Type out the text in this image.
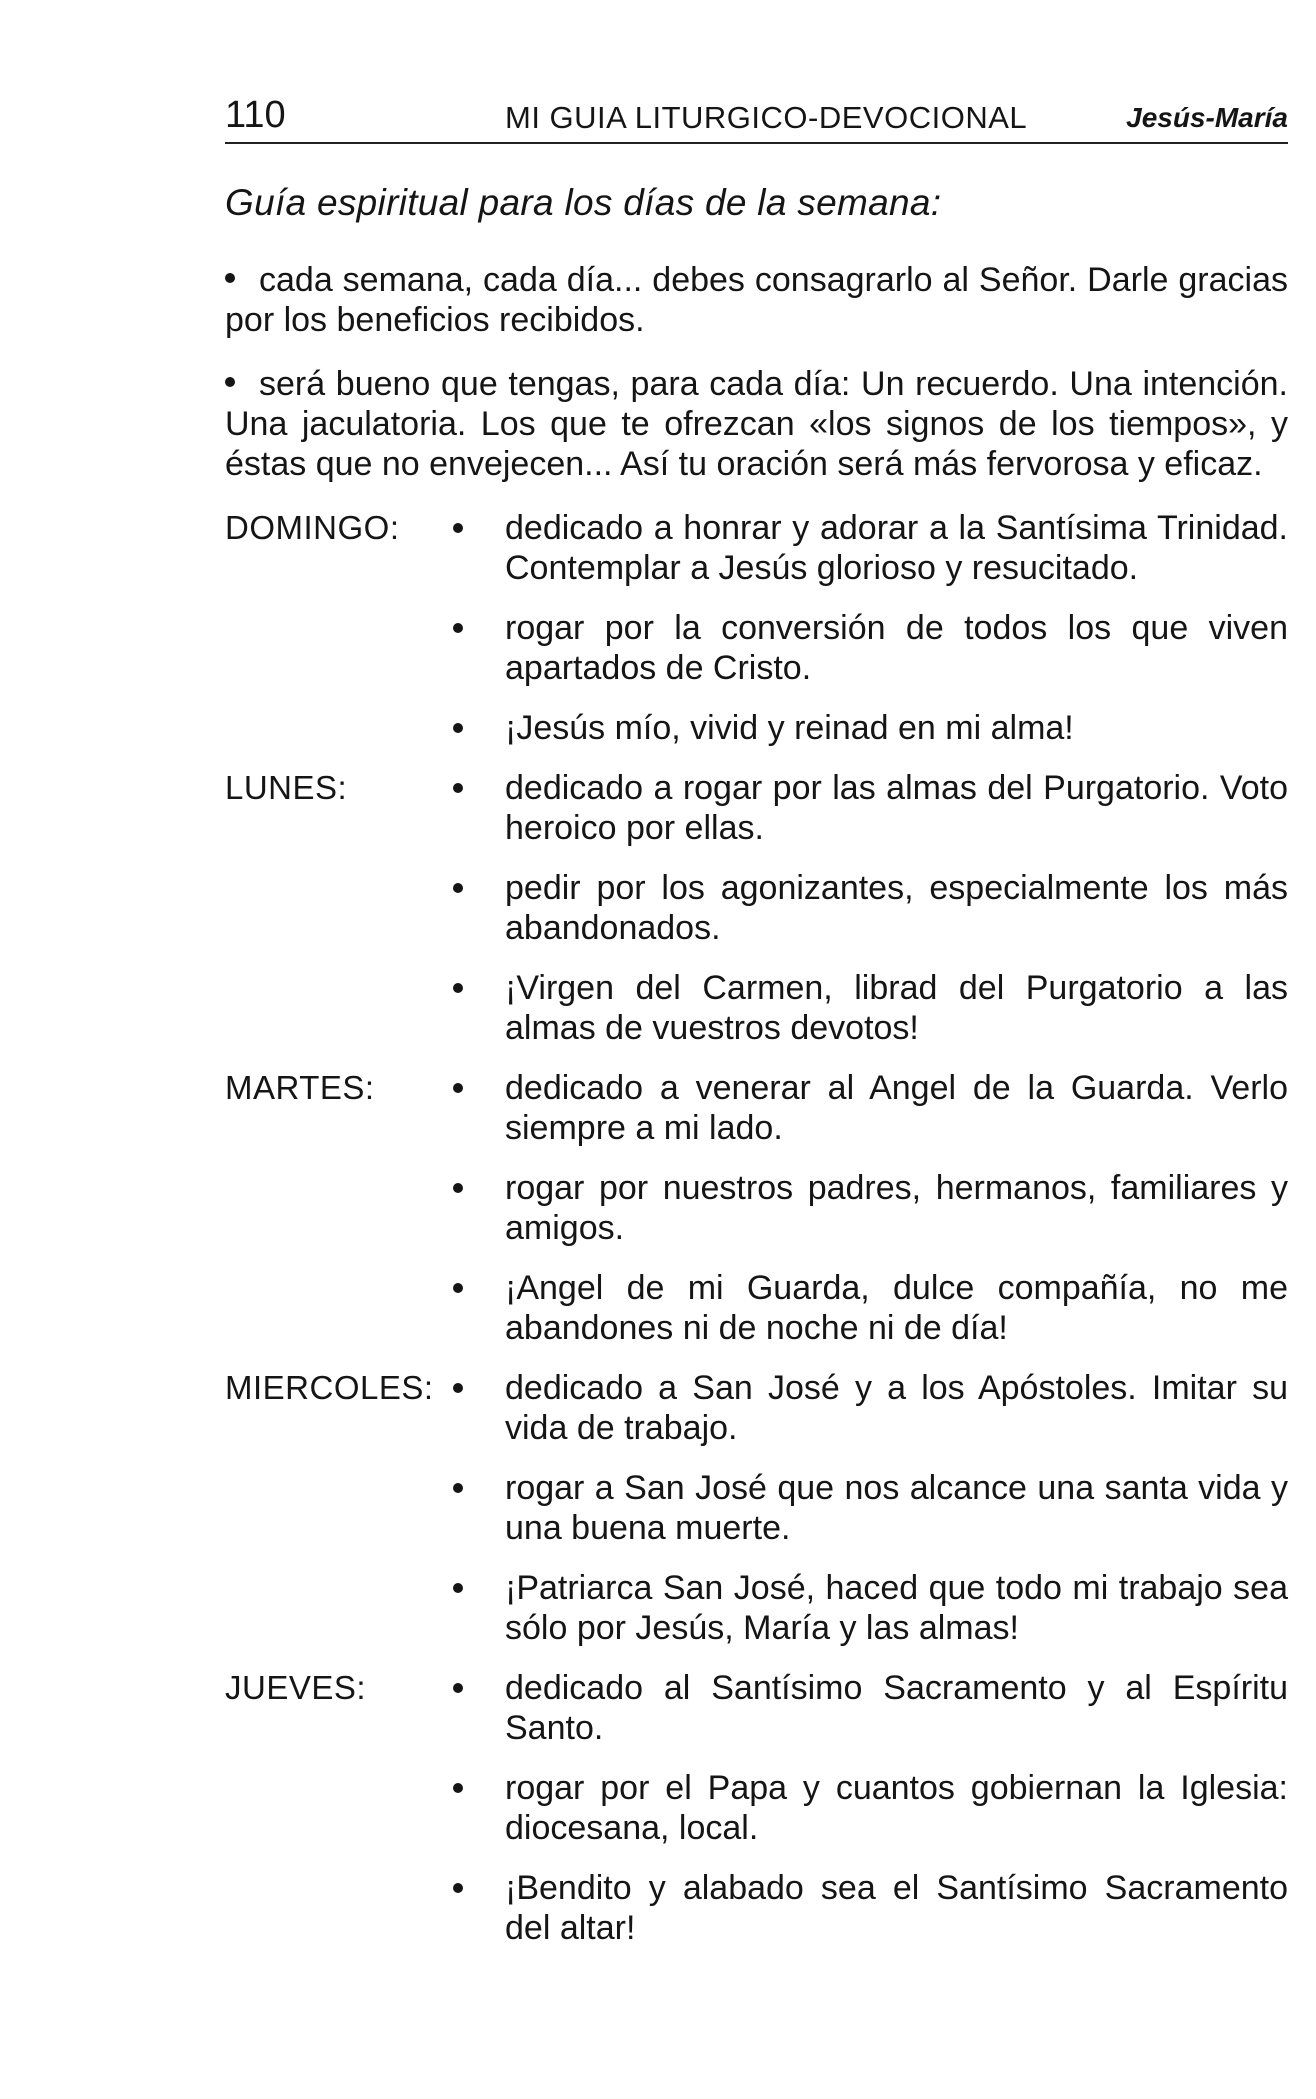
110	MI GUIA LITURGICO-DEVOCIONAL	Jesús-María
Guía espiritual para los días de la semana:
cada semana, cada día... debes consagrarlo al Señor. Darle gracias por los beneficios recibidos.
será bueno que tengas, para cada día: Un recuerdo. Una intención. Una jaculatoria. Los que te ofrezcan «los signos de los tiempos», y éstas que no envejecen... Así tu oración será más fervorosa y eficaz.
DOMINGO:	dedicado a honrar y adorar a la Santísima Trinidad. Contemplar a Jesús glorioso y resucitado.
rogar por la conversión de todos los que viven apartados de Cristo.
¡Jesús mío, vivid y reinad en mi alma!
LUNES:	dedicado a rogar por las almas del Purgatorio. Voto heroico por ellas.
pedir por los agonizantes, especialmente los más abandonados.
¡Virgen del Carmen, librad del Purgatorio a las almas de vuestros devotos!
MARTES:	dedicado a venerar al Angel de la Guarda. Verlo siempre a mi lado.
rogar por nuestros padres, hermanos, familiares y amigos.
¡Angel de mi Guarda, dulce compañía, no me abandones ni de noche ni de día!
MIERCOLES:	dedicado a San José y a los Apóstoles. Imitar su vida de trabajo.
rogar a San José que nos alcance una santa vida y una buena muerte.
¡Patriarca San José, haced que todo mi trabajo sea sólo por Jesús, María y las almas!
JUEVES:	dedicado al Santísimo Sacramento y al Espíritu Santo.
rogar por el Papa y cuantos gobiernan la Iglesia: diocesana, local.
¡Bendito y alabado sea el Santísimo Sacramento del altar!
